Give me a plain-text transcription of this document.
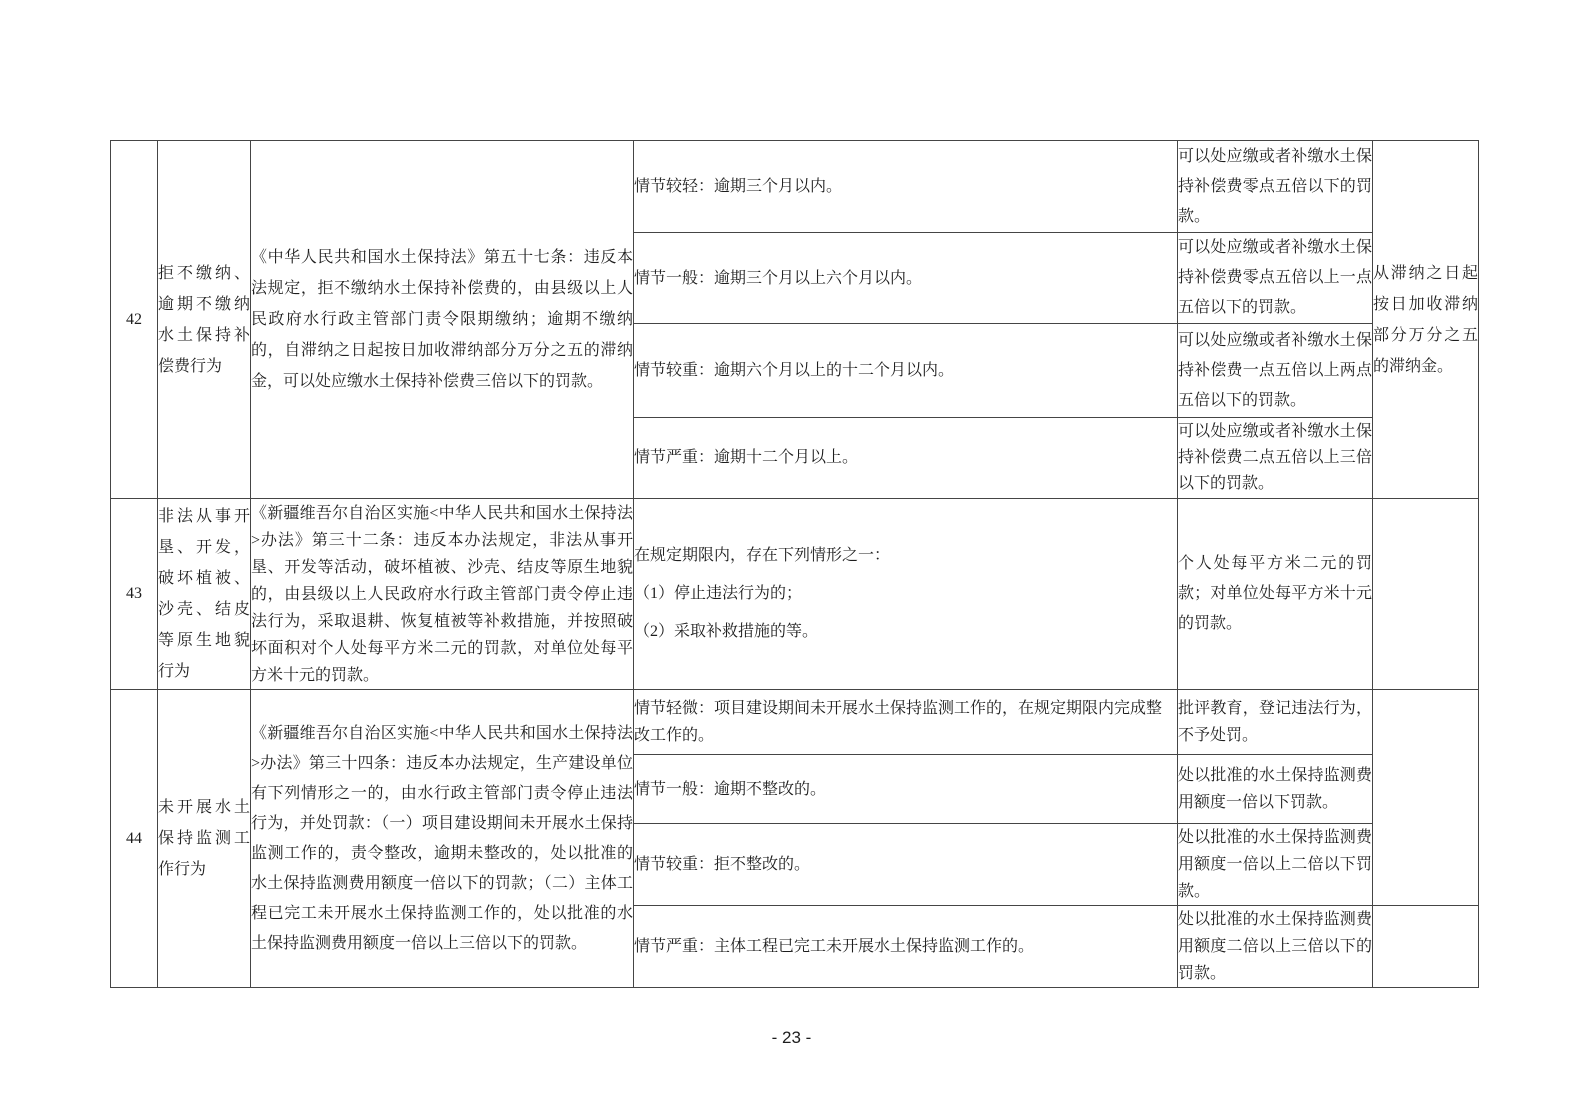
42	拒不缴纳、逾期不缴纳水土保持补偿费行为	《中华人民共和国水土保持法》第五十七条：违反本法规定，拒不缴纳水土保持补偿费的，由县级以上人民政府水行政主管部门责令限期缴纳；逾期不缴纳的，自滞纳之日起按日加收滞纳部分万分之五的滞纳金，可以处应缴水土保持补偿费三倍以下的罚款。	情节较轻：逾期三个月以内。	可以处应缴或者补缴水土保持补偿费零点五倍以下的罚款。	从滞纳之日起按日加收滞纳部分万分之五的滞纳金。

			情节一般：逾期三个月以上六个月以内。	可以处应缴或者补缴水土保持补偿费零点五倍以上一点五倍以下的罚款。	

			情节较重：逾期六个月以上的十二个月以内。	可以处应缴或者补缴水土保持补偿费一点五倍以上两点五倍以下的罚款。	

			情节严重：逾期十二个月以上。	可以处应缴或者补缴水土保持补偿费二点五倍以上三倍以下的罚款。	

43	非法从事开垦、开发，破坏植被、沙壳、结皮等原生地貌行为	《新疆维吾尔自治区实施<中华人民共和国水土保持法>办法》第三十二条：违反本办法规定，非法从事开垦、开发等活动，破坏植被、沙壳、结皮等原生地貌的，由县级以上人民政府水行政主管部门责令停止违法行为，采取退耕、恢复植被等补救措施，并按照破坏面积对个人处每平方米二元的罚款，对单位处每平方米十元的罚款。	在规定期限内，存在下列情形之一：
（1）停止违法行为的；
（2）采取补救措施的等。	个人处每平方米二元的罚款；对单位处每平方米十元的罚款。	

44	未开展水土保持监测工作行为	《新疆维吾尔自治区实施<中华人民共和国水土保持法>办法》第三十四条：违反本办法规定，生产建设单位有下列情形之一的，由水行政主管部门责令停止违法行为，并处罚款：（一）项目建设期间未开展水土保持监测工作的，责令整改，逾期未整改的，处以批准的水土保持监测费用额度一倍以下的罚款；（二）主体工程已完工未开展水土保持监测工作的，处以批准的水土保持监测费用额度一倍以上三倍以下的罚款。	情节轻微：项目建设期间未开展水土保持监测工作的，在规定期限内完成整改工作的。	批评教育，登记违法行为，不予处罚。	

			情节一般：逾期不整改的。	处以批准的水土保持监测费用额度一倍以下罚款。	

			情节较重：拒不整改的。	处以批准的水土保持监测费用额度一倍以上二倍以下罚款。	

			情节严重：主体工程已完工未开展水土保持监测工作的。	处以批准的水土保持监测费用额度二倍以上三倍以下的罚款。	

- 23 -
